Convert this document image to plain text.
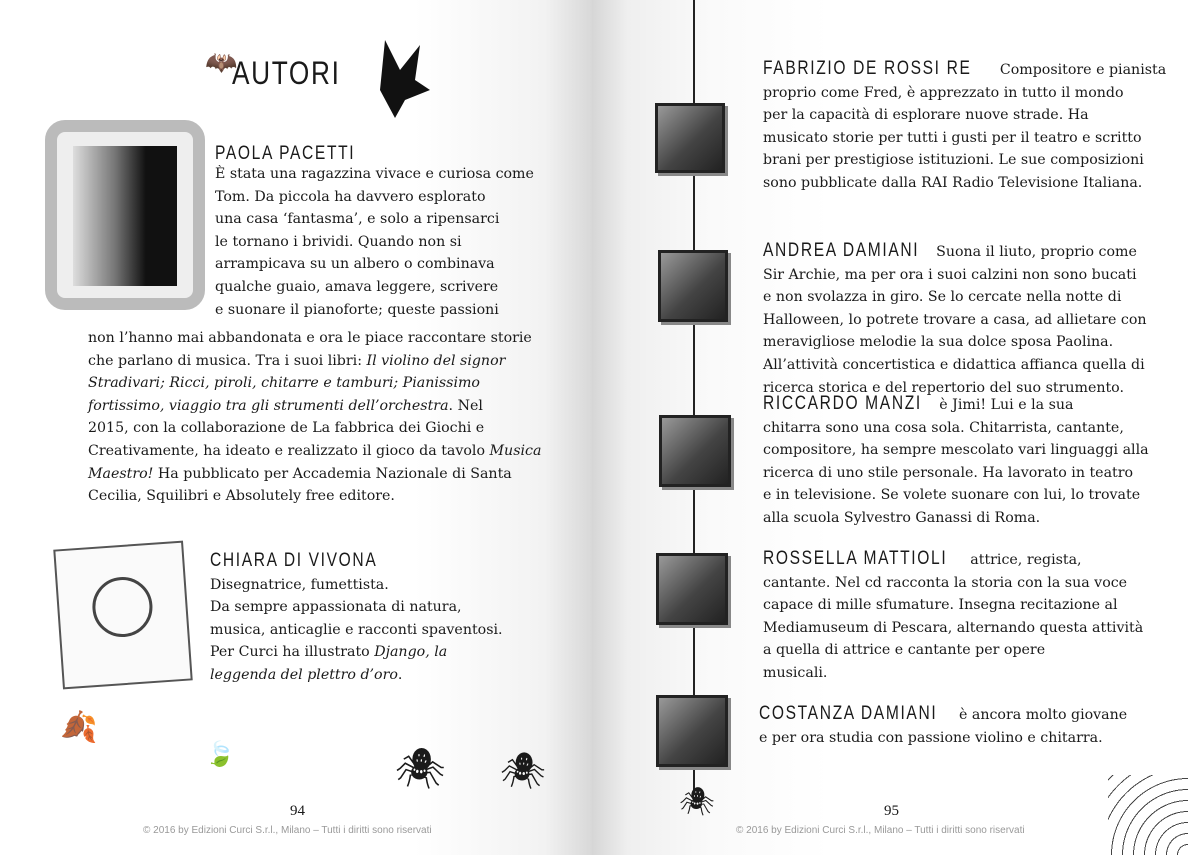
🦇
AUTORI
PAOLA PACETTI
È stata una ragazzina vivace e curiosa come
Tom. Da piccola ha davvero esplorato
una casa ‘fantasma’, e solo a ripensarci
le tornano i brividi. Quando non si
arrampicava su un albero o combinava
qualche guaio, amava leggere, scrivere
e suonare il pianoforte; queste passioni
non l’hanno mai abbandonata e ora le piace raccontare storie
che parlano di musica. Tra i suoi libri: Il violino del signor
Stradivari; Ricci, piroli, chitarre e tamburi; Pianissimo
fortissimo, viaggio tra gli strumenti dell’orchestra. Nel
2015, con la collaborazione de La fabbrica dei Giochi e
Creativamente, ha ideato e realizzato il gioco da tavolo Musica
Maestro! Ha pubblicato per Accademia Nazionale di Santa
Cecilia, Squilibri e Absolutely free editore.
CHIARA DI VIVONA
Disegnatrice, fumettista.
Da sempre appassionata di natura,
musica, anticaglie e racconti spaventosi.
Per Curci ha illustrato Django, la
leggenda del plettro d’oro.
🍂
🍃	🕷 🕷
94
© 2016 by Edizioni Curci S.r.l., Milano – Tutti i diritti sono riservati
🕷
FABRIZIO DE ROSSI RE Compositore e pianista
proprio come Fred, è apprezzato in tutto il mondo
per la capacità di esplorare nuove strade. Ha
musicato storie per tutti i gusti per il teatro e scritto
brani per prestigiose istituzioni. Le sue composizioni
sono pubblicate dalla RAI Radio Televisione Italiana.
ANDREA DAMIANI Suona il liuto, proprio come
Sir Archie, ma per ora i suoi calzini non sono bucati
e non svolazza in giro. Se lo cercate nella notte di
Halloween, lo potrete trovare a casa, ad allietare con
meravigliose melodie la sua dolce sposa Paolina.
All’attività concertistica e didattica affianca quella di
ricerca storica e del repertorio del suo strumento.
RICCARDO MANZI è Jimi! Lui e la sua
chitarra sono una cosa sola. Chitarrista, cantante,
compositore, ha sempre mescolato vari linguaggi alla
ricerca di uno stile personale. Ha lavorato in teatro
e in televisione. Se volete suonare con lui, lo trovate
alla scuola Sylvestro Ganassi di Roma.
ROSSELLA MATTIOLI attrice, regista,
cantante. Nel cd racconta la storia con la sua voce
capace di mille sfumature. Insegna recitazione al
Mediamuseum di Pescara, alternando questa attività
a quella di attrice e cantante per opere
musicali.
COSTANZA DAMIANI è ancora molto giovane
e per ora studia con passione violino e chitarra.
95
© 2016 by Edizioni Curci S.r.l., Milano – Tutti i diritti sono riservati
